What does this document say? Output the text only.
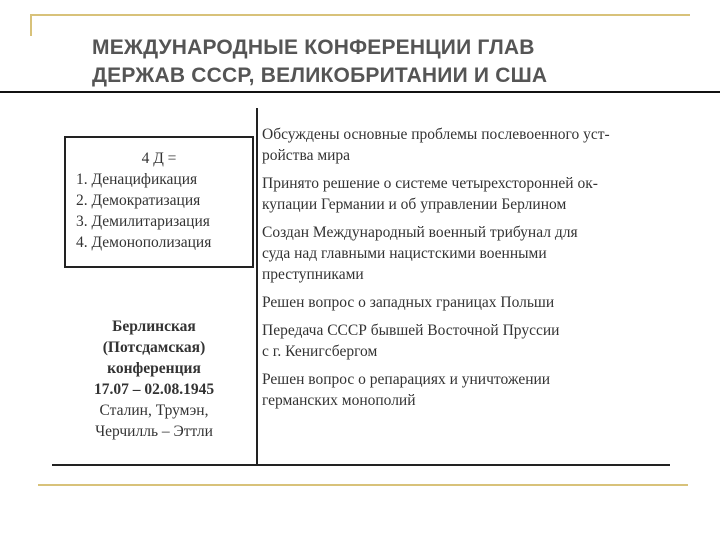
МЕЖДУНАРОДНЫЕ КОНФЕРЕНЦИИ ГЛАВ
ДЕРЖАВ СССР, ВЕЛИКОБРИТАНИИ И США
4 Д =
1. Денацификация
2. Демократизация
3. Демилитаризация
4. Демонополизация
Берлинская
(Потсдамская)
конференция
17.07 – 02.08.1945
Сталин, Трумэн,
Черчилль – Эттли
Обсуждены основные проблемы послевоенного уст-
ройства мира
Принято решение о системе четырехсторонней ок-
купации Германии и об управлении Берлином
Создан Международный военный трибунал для
суда над главными нацистскими военными
преступниками
Решен вопрос о западных границах Польши
Передача СССР бывшей Восточной Пруссии
с г. Кенигсбергом
Решен вопрос о репарациях и уничтожении
германских монополий
